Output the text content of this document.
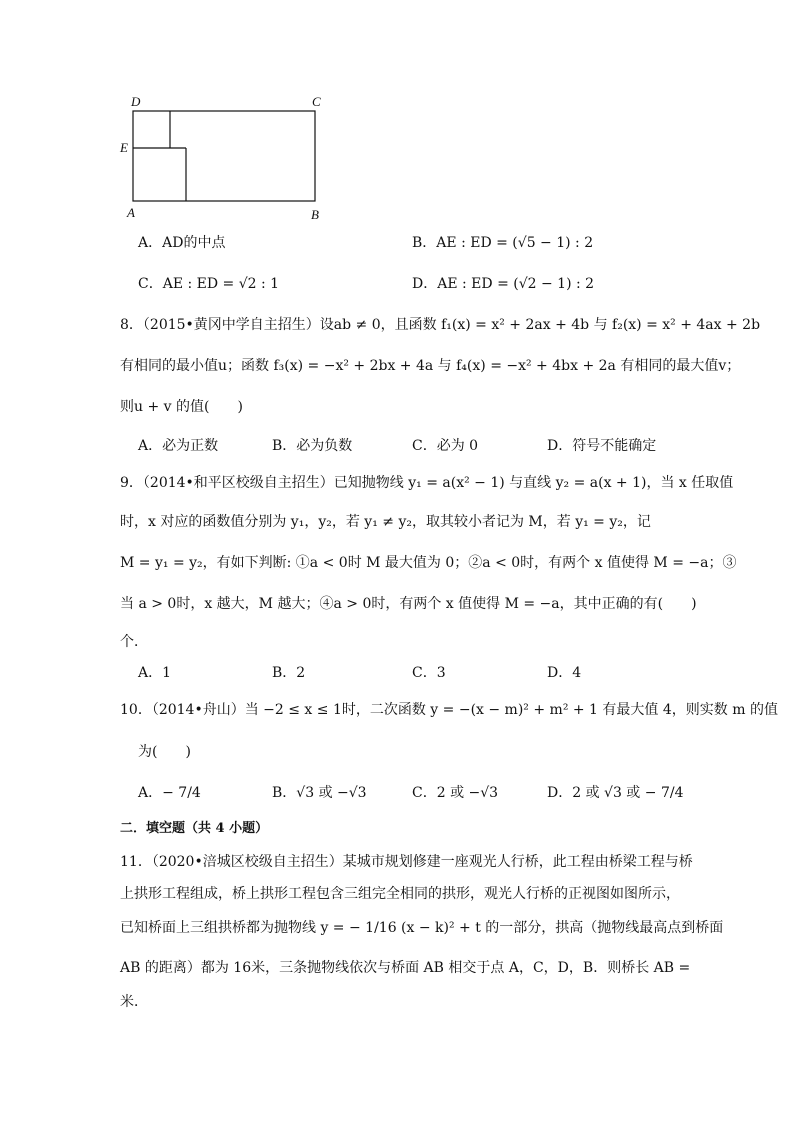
D	C
E
A	B
A．AD的中点	B．AE : ED = (√5 − 1) : 2
C．AE : ED = √2 : 1	D．AE : ED = (√2 − 1) : 2
8．（2015•黄冈中学自主招生）设ab ≠ 0，且函数 f₁(x) = x² + 2ax + 4b 与 f₂(x) = x² + 4ax + 2b
有相同的最小值u；函数 f₃(x) = −x² + 2bx + 4a 与 f₄(x) = −x² + 4bx + 2a 有相同的最大值v；
则u + v 的值(　　)
A．必为正数	B．必为负数	C．必为 0	D．符号不能确定
9．（2014•和平区校级自主招生）已知抛物线 y₁ = a(x² − 1) 与直线 y₂ = a(x + 1)，当 x 任取值
时，x 对应的函数值分别为 y₁，y₂，若 y₁ ≠ y₂，取其较小者记为 M，若 y₁ = y₂，记
M = y₁ = y₂，有如下判断: ①a < 0时 M 最大值为 0；②a < 0时，有两个 x 值使得 M = −a；③
当 a > 0时，x 越大，M 越大；④a > 0时，有两个 x 值使得 M = −a，其中正确的有(　　)
个．
A．1	B．2	C．3	D．4
10．（2014•舟山）当 −2 ≤ x ≤ 1时，二次函数 y = −(x − m)² + m² + 1 有最大值 4，则实数 m 的值
为(　　)
A．− 7/4	B．√3 或 −√3	C．2 或 −√3	D．2 或 √3 或 − 7/4
二．填空题（共 4 小题）
11．（2020•涪城区校级自主招生）某城市规划修建一座观光人行桥，此工程由桥梁工程与桥
上拱形工程组成，桥上拱形工程包含三组完全相同的拱形，观光人行桥的正视图如图所示，
已知桥面上三组拱桥都为抛物线 y = − 1/16 (x − k)² + t 的一部分，拱高（抛物线最高点到桥面
AB 的距离）都为 16米，三条抛物线依次与桥面 AB 相交于点 A，C，D，B．则桥长 AB =
米．
